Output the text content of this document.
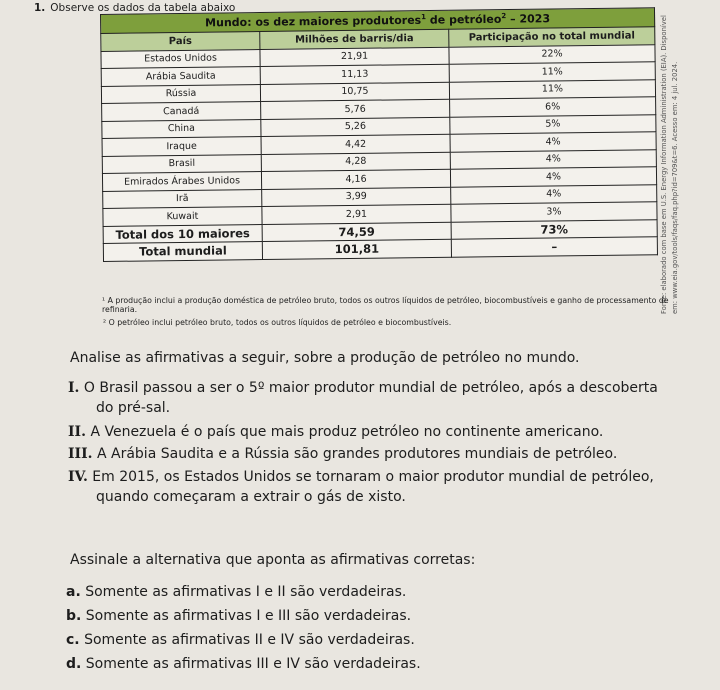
1. Observe os dados da tabela abaixo
Mundo: os dez maiores produtores$^1$ de petróleo$^2$ – 2023		
País	Milhões de barris/dia	Participação no total mundial
Estados Unidos	21,91	22%
Arábia Saudita	11,13	11%
Rússia	10,75	11%
Canadá	5,76	6%
China	5,26	5%
Iraque	4,42	4%
Brasil	4,28	4%
Emirados Árabes Unidos	4,16	4%
Irã	3,99	4%
Kuwait	2,91	3%
Total dos 10 maiores	74,59	73%
Total mundial	101,81	–	Fonte: elaborado com base em U.S. Energy Information Administration (EIA). Disponível em: www.eia.gov/tools/faqs/faq.php?id=709&t=6. Acesso em: 4 jul. 2024.
¹ A produção inclui a produção doméstica de petróleo bruto, todos os outros líquidos de petróleo, biocombustíveis e ganho de processamento de refinaria.
² O petróleo inclui petróleo bruto, todos os outros líquidos de petróleo e biocombustíveis.
Analise as afirmativas a seguir, sobre a produção de petróleo no mundo.
I. O Brasil passou a ser o 5º maior produtor mundial de petróleo, após a descoberta
do pré-sal.
II. A Venezuela é o país que mais produz petróleo no continente americano.
III. A Arábia Saudita e a Rússia são grandes produtores mundiais de petróleo.
IV. Em 2015, os Estados Unidos se tornaram o maior produtor mundial de petróleo,
quando começaram a extrair o gás de xisto.
Assinale a alternativa que aponta as afirmativas corretas:
a. Somente as afirmativas I e II são verdadeiras.
b. Somente as afirmativas I e III são verdadeiras.
c. Somente as afirmativas II e IV são verdadeiras.
d. Somente as afirmativas III e IV são verdadeiras.
